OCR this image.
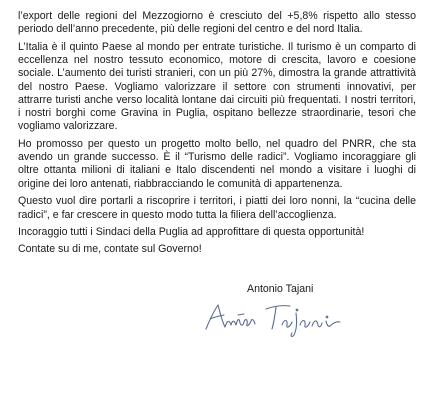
l’export delle regioni del Mezzogiorno è cresciuto del +5,8% rispetto allo stesso periodo dell’anno precedente, più delle regioni del centro e del nord Italia.

L’Italia è il quinto Paese al mondo per entrate turistiche. Il turismo è un comparto di eccellenza nel nostro tessuto economico, motore di crescita, lavoro e coesione sociale. L’aumento dei turisti stranieri, con un più 27%, dimostra la grande attrattività del nostro Paese. Vogliamo valorizzare il settore con strumenti innovativi, per attrarre turisti anche verso località lontane dai circuiti più frequentati. I nostri territori, i nostri borghi come Gravina in Puglia, ospitano bellezze straordinarie, tesori che vogliamo valorizzare.

Ho promosso per questo un progetto molto bello, nel quadro del PNRR, che sta avendo un grande successo. È il “Turismo delle radici”. Vogliamo incoraggiare gli oltre ottanta milioni di italiani e Italo discendenti nel mondo a visitare i luoghi di origine dei loro antenati, riabbracciando le comunità di appartenenza.

Questo vuol dire portarli a riscoprire i territori, i piatti dei loro nonni, la “cucina delle radici”, e far crescere in questo modo tutta la filiera dell’accoglienza.

Incoraggio tutti i Sindaci della Puglia ad approfittare di questa opportunità!

Contate su di me, contate sul Governo!

Antonio Tajani
